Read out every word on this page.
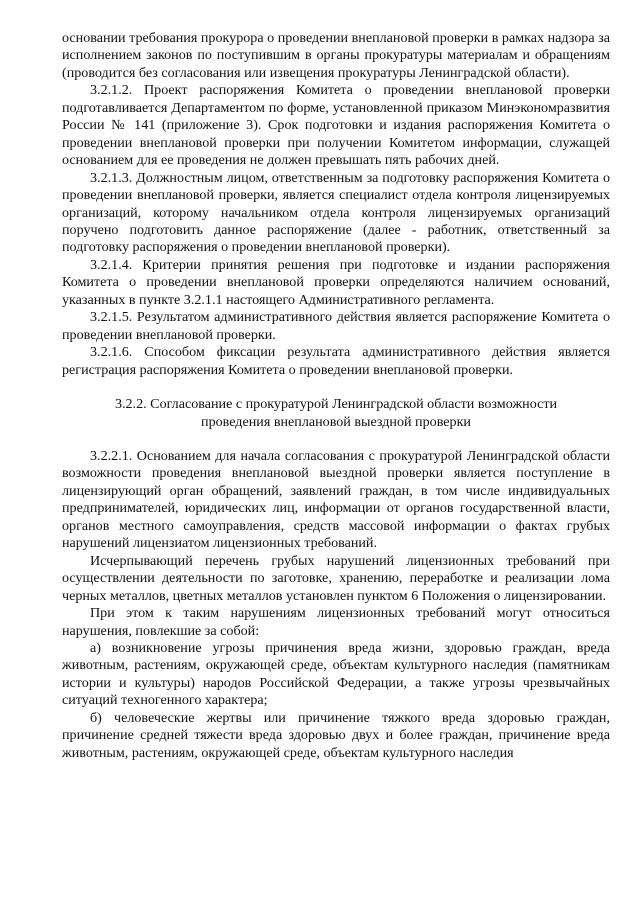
основании требования прокурора о проведении внеплановой проверки в рамках надзора за исполнением законов по поступившим в органы прокуратуры материалам и обращениям (проводится без согласования или извещения прокуратуры Ленинградской области).

3.2.1.2. Проект распоряжения Комитета о проведении внеплановой проверки подготавливается Департаментом по форме, установленной приказом Минэкономразвития России № 141 (приложение 3). Срок подготовки и издания распоряжения Комитета о проведении внеплановой проверки при получении Комитетом информации, служащей основанием для ее проведения не должен превышать пять рабочих дней.

3.2.1.3. Должностным лицом, ответственным за подготовку распоряжения Комитета о проведении внеплановой проверки, является специалист отдела контроля лицензируемых организаций, которому начальником отдела контроля лицензируемых организаций поручено подготовить данное распоряжение (далее - работник, ответственный за подготовку распоряжения о проведении внеплановой проверки).

3.2.1.4. Критерии принятия решения при подготовке и издании распоряжения Комитета о проведении внеплановой проверки определяются наличием оснований, указанных в пункте 3.2.1.1 настоящего Административного регламента.

3.2.1.5. Результатом административного действия является распоряжение Комитета о проведении внеплановой проверки.

3.2.1.6. Способом фиксации результата административного действия является регистрация распоряжения Комитета о проведении внеплановой проверки.

3.2.2. Согласование с прокуратурой Ленинградской области возможности
проведения внеплановой выездной проверки

3.2.2.1. Основанием для начала согласования с прокуратурой Ленинградской области возможности проведения внеплановой выездной проверки является поступление в лицензирующий орган обращений, заявлений граждан, в том числе индивидуальных предпринимателей, юридических лиц, информации от органов государственной власти, органов местного самоуправления, средств массовой информации о фактах грубых нарушений лицензиатом лицензионных требований.

Исчерпывающий перечень грубых нарушений лицензионных требований при осуществлении деятельности по заготовке, хранению, переработке и реализации лома черных металлов, цветных металлов установлен пунктом 6 Положения о лицензировании.

При этом к таким нарушениям лицензионных требований могут относиться нарушения, повлекшие за собой:

а) возникновение угрозы причинения вреда жизни, здоровью граждан, вреда животным, растениям, окружающей среде, объектам культурного наследия (памятникам истории и культуры) народов Российской Федерации, а также угрозы чрезвычайных ситуаций техногенного характера;

б) человеческие жертвы или причинение тяжкого вреда здоровью граждан, причинение средней тяжести вреда здоровью двух и более граждан, причинение вреда животным, растениям, окружающей среде, объектам культурного наследия
